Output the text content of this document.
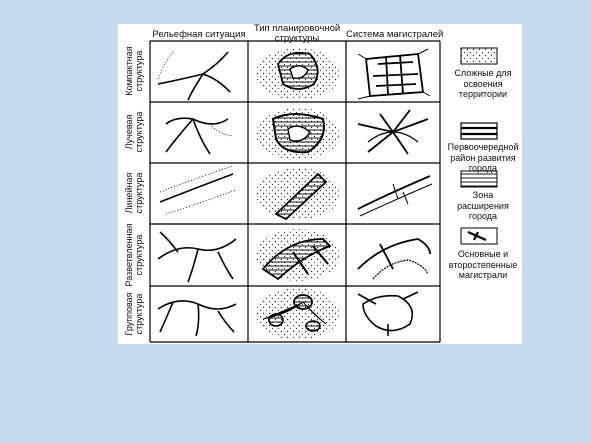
Рельефная ситуация
Тип планировочной
структуры	Система магистралей
Компактная структура
Лучевая структура
Линейная структура
Разветвленная структура
Групповая структура
Сложные для
освоения
территории
Первоочередной
район развития
города
Зона
расширения
города
Основные и
второстепенные
магистрали
